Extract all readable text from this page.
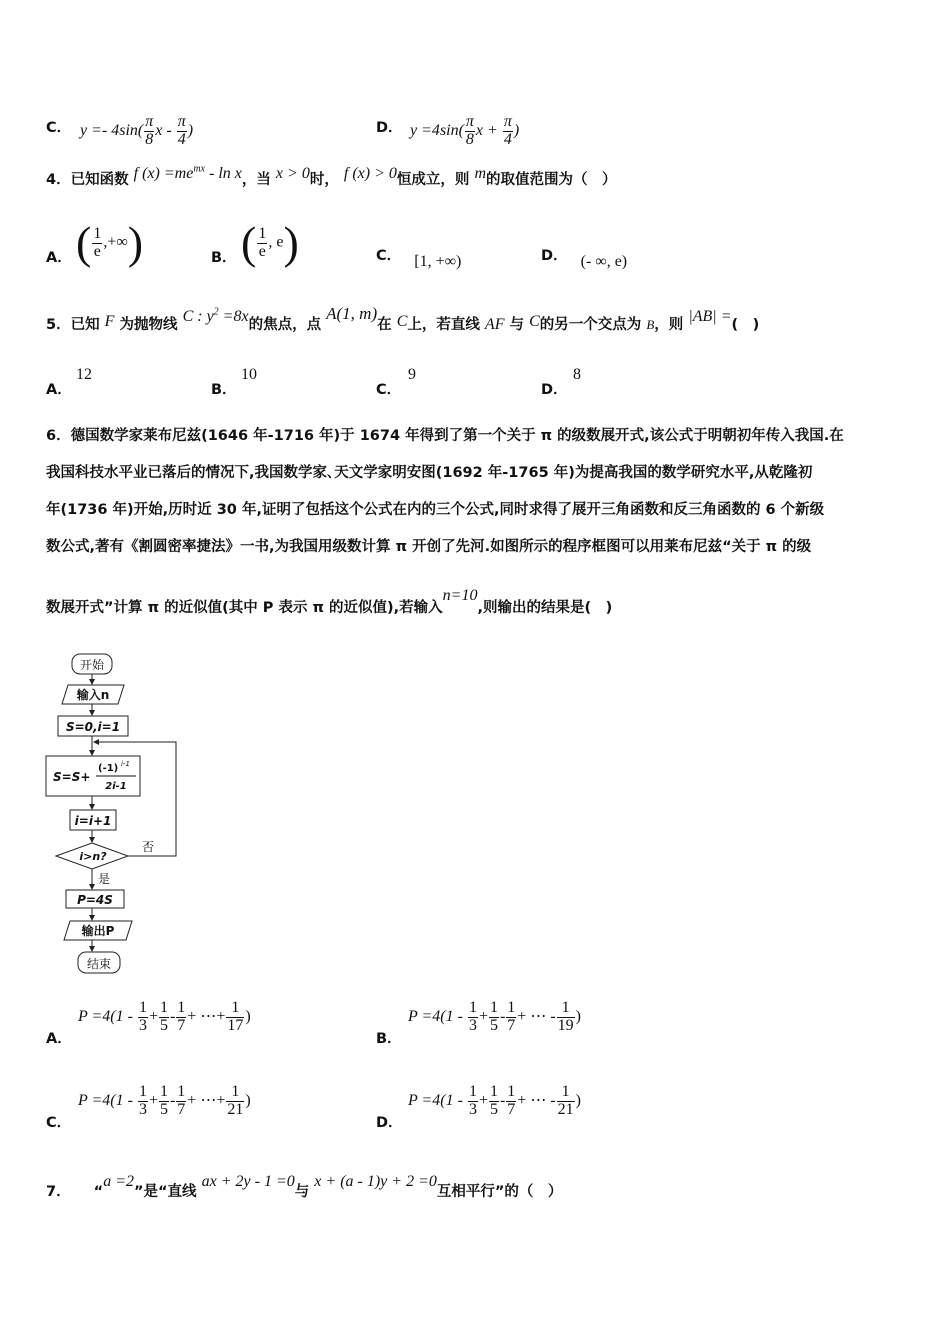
C． $y =- 4\sin( \frac{\pi}{8}$ x - $\frac{\pi}{4}$ )	D． $y =4\sin( \frac{\pi}{8}$ $x + \frac{\pi}{4}$ )
4．已知函数 f $(x) =me^{mx} - \ln x$，当 x > 0时， f (x) > 0恒成立，则 m的取值范围为（　）
A． ( $\frac{1}{e}$ ,+∞)	B． ( $\frac{1}{e}$ , e)	C． [1, +∞)	D． (- ∞, e)
5．已知 F 为抛物线 C : $y^2 =8x$的焦点，点 A(1, m)在 C上，若直线 AF 与 C的另一个交点为 B，则 |AB| =(　)
A．
12
B．
10
C．
9
D．
8
6．德国数学家莱布尼兹(1646 年-1716 年)于 1674 年得到了第一个关于 π 的级数展开式,该公式于明朝初年传入我国.在
我国科技水平业已落后的情况下,我国数学家､天文学家明安图(1692 年-1765 年)为提高我国的数学研究水平,从乾隆初
年(1736 年)开始,历时近 30 年,证明了包括这个公式在内的三个公式,同时求得了展开三角函数和反三角函数的 6 个新级
数公式,著有《割圆密率捷法》一书,为我国用级数计算 π 开创了先河.如图所示的程序框图可以用莱布尼兹“关于 π 的级
数展开式”计算 π 的近似值(其中 P 表示 π 的近似值),若输入n=10,则输出的结果是(　)
开始
输入n
S=0,i=1
S=S+
(-1) i-1
2i-1
i=i+1
i>n?
否
是
P=4S
输出P
结束
A．
$P =4(1 - \frac{1}{3} + \frac{1}{5} - \frac{1}{7}$ + ⋯+ $\frac{1}{17}$ )
B．
$P =4(1 - \frac{1}{3} + \frac{1}{5} - \frac{1}{7}$ + ⋯ - $\frac{1}{19}$ )
C．
$P =4(1 - \frac{1}{3} + \frac{1}{5} - \frac{1}{7}$ + ⋯+ $\frac{1}{21}$ )
D．
$P =4(1 - \frac{1}{3} + \frac{1}{5} - \frac{1}{7}$ + ⋯ - $\frac{1}{21}$ )
7． “a =2”是“直线 ax + 2y - 1 =0与 x + (a - 1)y + 2 =0互相平行”的（　）
